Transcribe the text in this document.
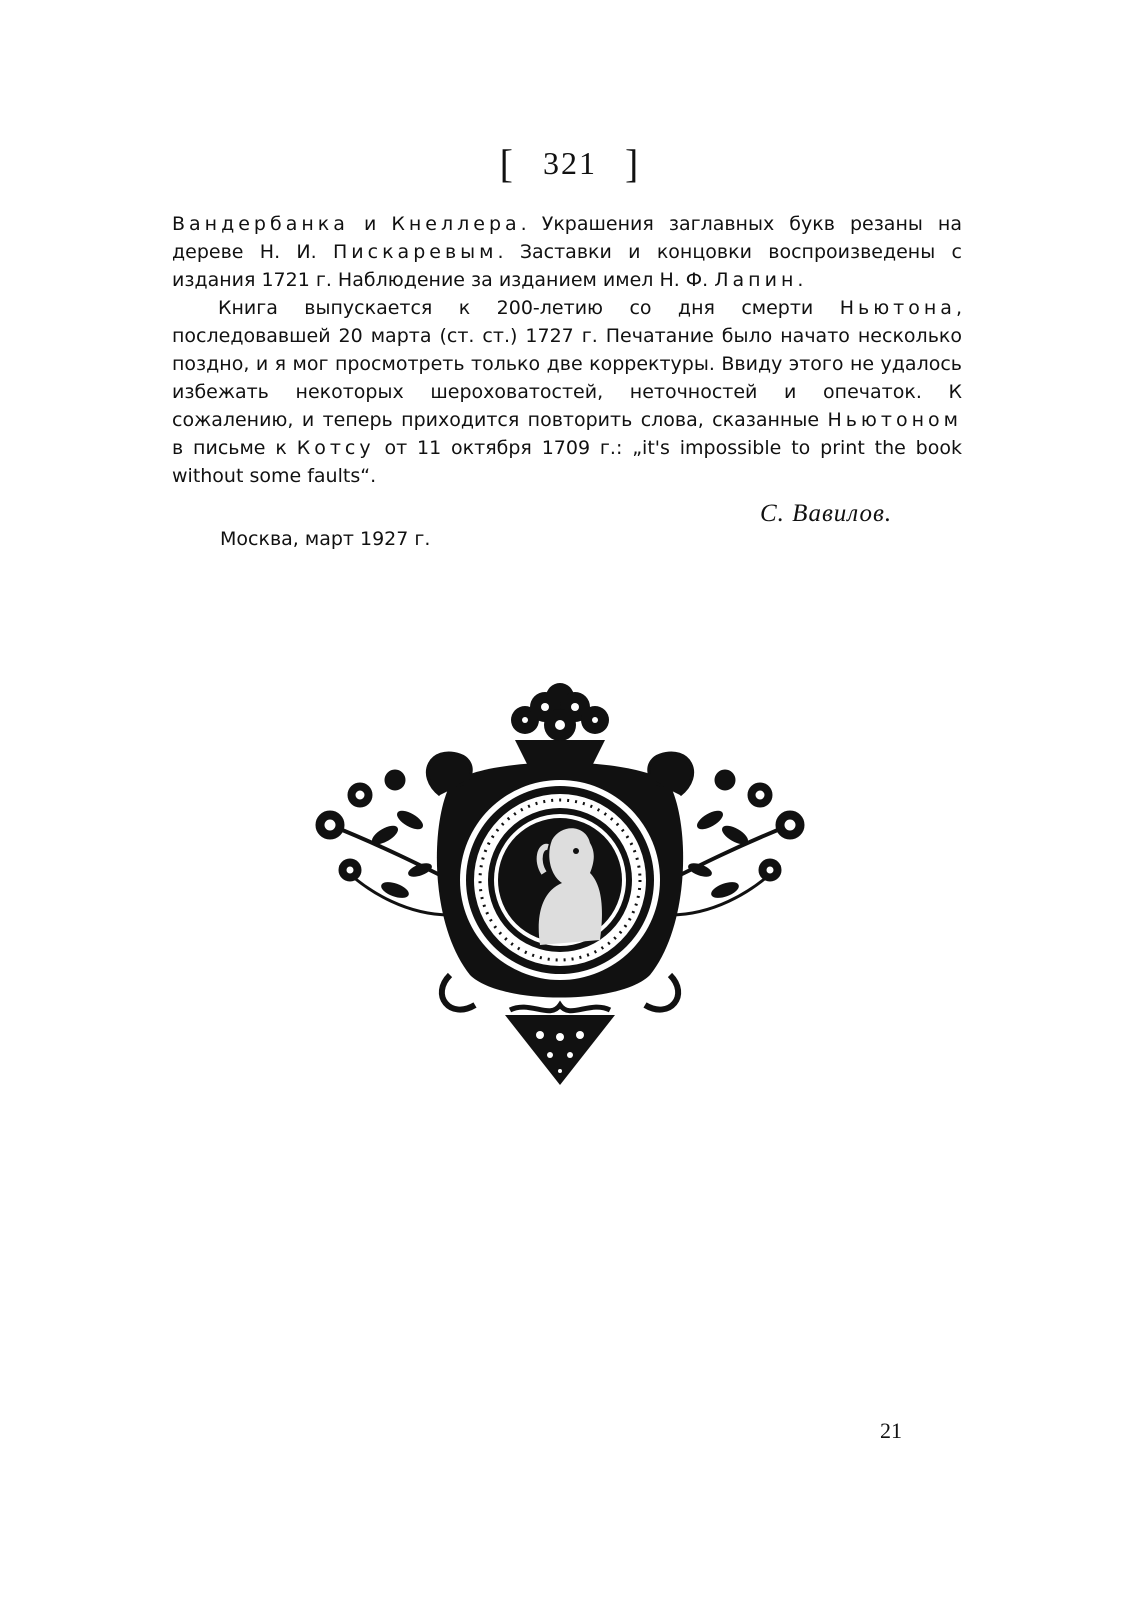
[ 321 ]

Вандербанка и Кнеллера. Украшения заглавных букв резаны на дереве Н. И. Пискаревым. Заставки и концовки воспроизведены с издания 1721 г. Наблюдение за изданием имел Н. Ф. Лапин.

Книга выпускается к 200-летию со дня смерти Ньютона, последовавшей 20 марта (ст. ст.) 1727 г. Печатание было начато несколько поздно, и я мог просмотреть только две корректуры. Ввиду этого не удалось избежать некоторых шероховатостей, неточностей и опечаток. К сожалению, и теперь приходится повторить слова, сказанные Ньютоном в письме к Котсу от 11 октября 1709 г.: „it's impossible to print the book without some faults“.

С. Вавилов.
Москва, март 1927 г.
21
